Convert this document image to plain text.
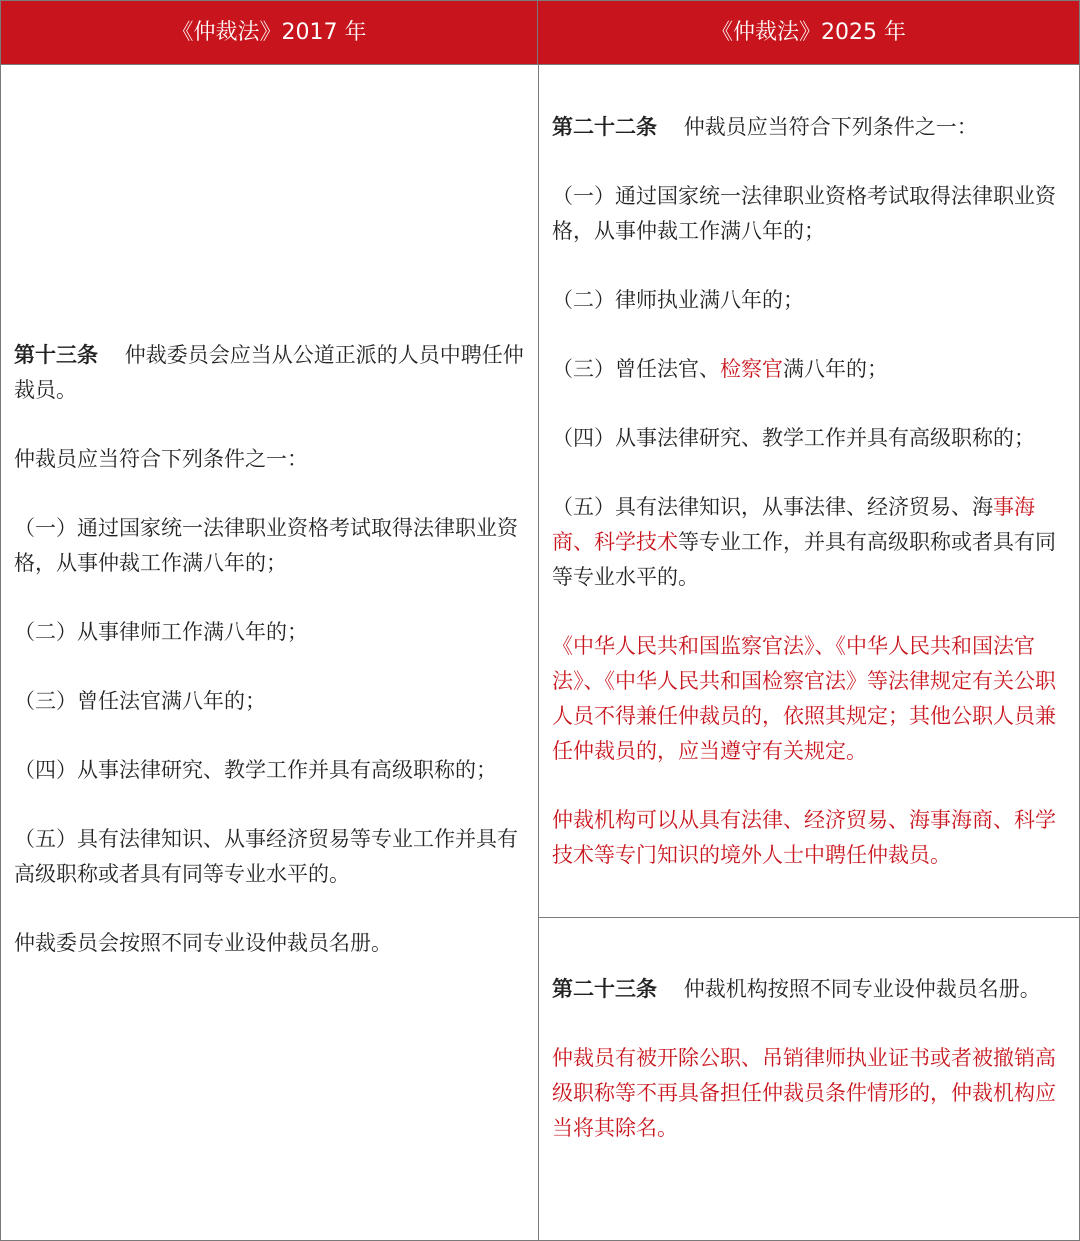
《仲裁法》2017 年	《仲裁法》2025 年

第十三条 仲裁委员会应当从公道正派的人员中聘任仲裁员。

仲裁员应当符合下列条件之一：

（一）通过国家统一法律职业资格考试取得法律职业资格，从事仲裁工作满八年的；

（二）从事律师工作满八年的；

（三）曾任法官满八年的；

（四）从事法律研究、教学工作并具有高级职称的；

（五）具有法律知识、从事经济贸易等专业工作并具有高级职称或者具有同等专业水平的。

仲裁委员会按照不同专业设仲裁员名册。

第二十二条 仲裁员应当符合下列条件之一：

（一）通过国家统一法律职业资格考试取得法律职业资格，从事仲裁工作满八年的；

（二）律师执业满八年的；

（三）曾任法官、检察官满八年的；

（四）从事法律研究、教学工作并具有高级职称的；

（五）具有法律知识，从事法律、经济贸易、海事海商、科学技术等专业工作，并具有高级职称或者具有同等专业水平的。

《中华人民共和国监察官法》、《中华人民共和国法官法》、《中华人民共和国检察官法》等法律规定有关公职人员不得兼任仲裁员的，依照其规定；其他公职人员兼任仲裁员的，应当遵守有关规定。

仲裁机构可以从具有法律、经济贸易、海事海商、科学技术等专门知识的境外人士中聘任仲裁员。

第二十三条 仲裁机构按照不同专业设仲裁员名册。

仲裁员有被开除公职、吊销律师执业证书或者被撤销高级职称等不再具备担任仲裁员条件情形的，仲裁机构应当将其除名。
